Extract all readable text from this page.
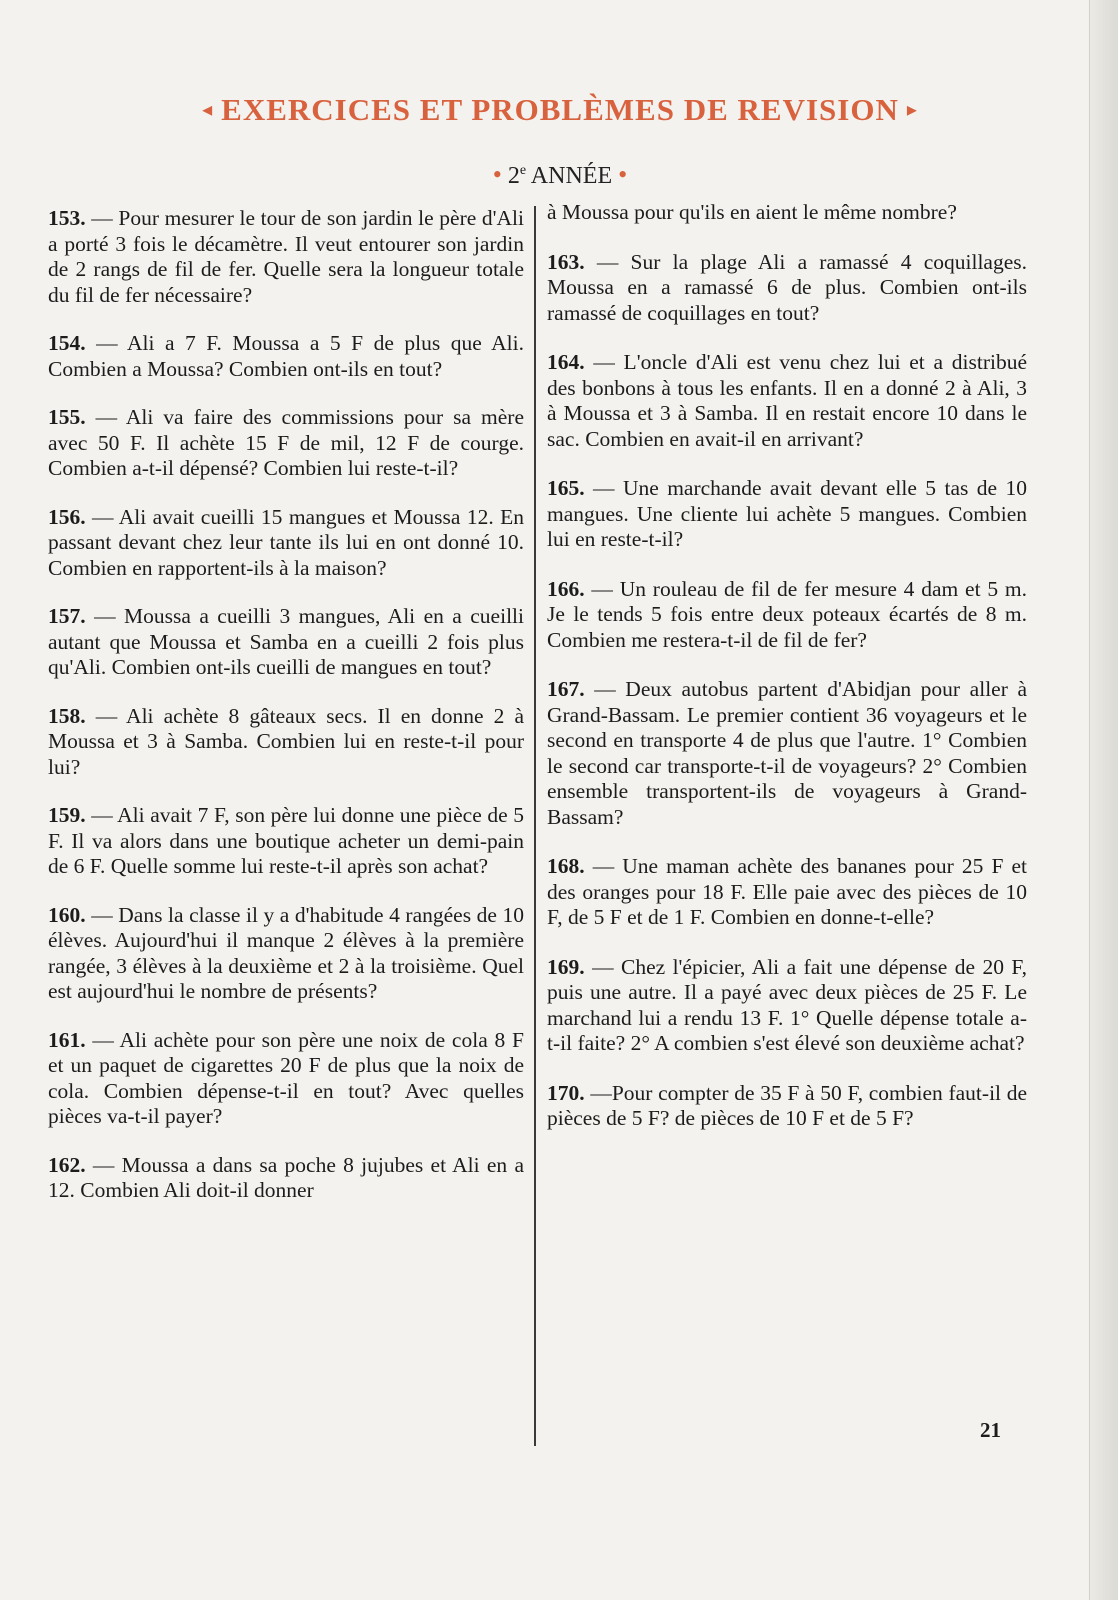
◂ EXERCICES ET PROBLÈMES DE REVISION ▸
• 2e ANNÉE •

153. — Pour mesurer le tour de son jardin le père d'Ali a porté 3 fois le décamètre. Il veut entourer son jardin de 2 rangs de fil de fer. Quelle sera la longueur totale du fil de fer nécessaire?

154. — Ali a 7 F. Moussa a 5 F de plus que Ali. Combien a Moussa? Combien ont-ils en tout?

155. — Ali va faire des commissions pour sa mère avec 50 F. Il achète 15 F de mil, 12 F de courge. Combien a-t-il dépensé? Combien lui reste-t-il?

156. — Ali avait cueilli 15 mangues et Moussa 12. En passant devant chez leur tante ils lui en ont donné 10. Combien en rapportent-ils à la maison?

157. — Moussa a cueilli 3 mangues, Ali en a cueilli autant que Moussa et Samba en a cueilli 2 fois plus qu'Ali. Combien ont-ils cueilli de mangues en tout?

158. — Ali achète 8 gâteaux secs. Il en donne 2 à Moussa et 3 à Samba. Combien lui en reste-t-il pour lui?

159. — Ali avait 7 F, son père lui donne une pièce de 5 F. Il va alors dans une boutique acheter un demi-pain de 6 F. Quelle somme lui reste-t-il après son achat?

160. — Dans la classe il y a d'habitude 4 rangées de 10 élèves. Aujourd'hui il manque 2 élèves à la première rangée, 3 élèves à la deuxième et 2 à la troisième. Quel est aujourd'hui le nombre de présents?

161. — Ali achète pour son père une noix de cola 8 F et un paquet de cigarettes 20 F de plus que la noix de cola. Combien dépense-t-il en tout? Avec quelles pièces va-t-il payer?

162. — Moussa a dans sa poche 8 jujubes et Ali en a 12. Combien Ali doit-il donner

à Moussa pour qu'ils en aient le même nombre?

163. — Sur la plage Ali a ramassé 4 coquillages. Moussa en a ramassé 6 de plus. Combien ont-ils ramassé de coquillages en tout?

164. — L'oncle d'Ali est venu chez lui et a distribué des bonbons à tous les enfants. Il en a donné 2 à Ali, 3 à Moussa et 3 à Samba. Il en restait encore 10 dans le sac. Combien en avait-il en arrivant?

165. — Une marchande avait devant elle 5 tas de 10 mangues. Une cliente lui achète 5 mangues. Combien lui en reste-t-il?

166. — Un rouleau de fil de fer mesure 4 dam et 5 m. Je le tends 5 fois entre deux poteaux écartés de 8 m. Combien me restera-t-il de fil de fer?

167. — Deux autobus partent d'Abidjan pour aller à Grand-Bassam. Le premier contient 36 voyageurs et le second en transporte 4 de plus que l'autre. 1° Combien le second car transporte-t-il de voyageurs? 2° Combien ensemble transportent-ils de voyageurs à Grand-Bassam?

168. — Une maman achète des bananes pour 25 F et des oranges pour 18 F. Elle paie avec des pièces de 10 F, de 5 F et de 1 F. Combien en donne-t-elle?

169. — Chez l'épicier, Ali a fait une dépense de 20 F, puis une autre. Il a payé avec deux pièces de 25 F. Le marchand lui a rendu 13 F. 1° Quelle dépense totale a-t-il faite? 2° A combien s'est élevé son deuxième achat?

170. —Pour compter de 35 F à 50 F, combien faut-il de pièces de 5 F? de pièces de 10 F et de 5 F?

21
